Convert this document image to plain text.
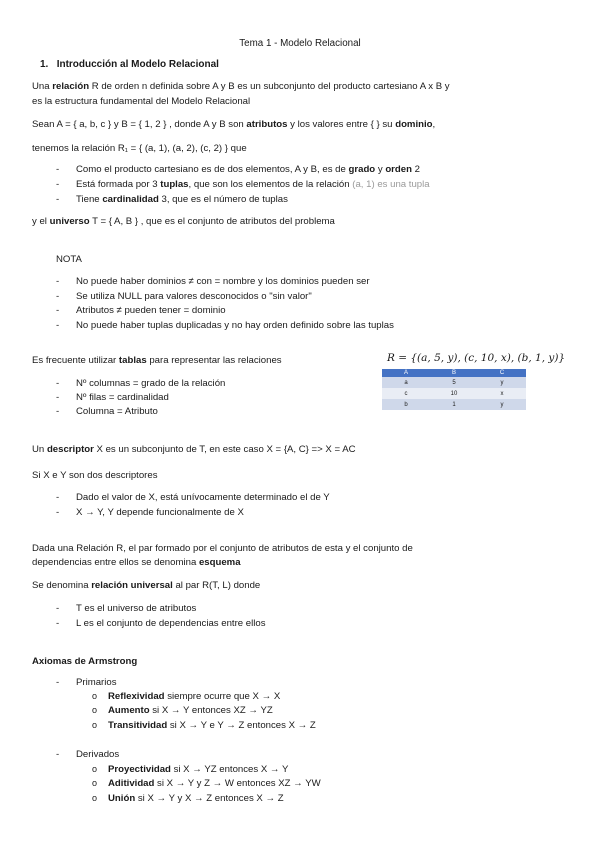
Tema 1 - Modelo Relacional
1. Introducción al Modelo Relacional
Una relación R de orden n definida sobre A y B es un subconjunto del producto cartesiano A x B y
es la estructura fundamental del Modelo Relacional
Sean A = { a, b, c } y B = { 1, 2 } , donde A y B son atributos y los valores entre { } su dominio,
tenemos la relación R₁ = { (a, 1), (a, 2), (c, 2) } que
- Como el producto cartesiano es de dos elementos, A y B, es de grado y orden 2
- Está formada por 3 tuplas, que son los elementos de la relación (a, 1) es una tupla
- Tiene cardinalidad 3, que es el número de tuplas
y el universo T = { A, B } , que es el conjunto de atributos del problema
NOTA
- No puede haber dominios ≠ con = nombre y los dominios pueden ser
- Se utiliza NULL para valores desconocidos o "sin valor"
- Atributos ≠ pueden tener = dominio
- No puede haber tuplas duplicadas y no hay orden definido sobre las tuplas
Es frecuente utilizar tablas para representar las relaciones
- Nº columnas = grado de la relación
- Nº filas = cardinalidad
- Columna = Atributo
R = {(a, 5, y), (c, 10, x), (b, 1, y)}
A	B	C
a	5	y
c	10	x
b	1	y
Un descriptor X es un subconjunto de T, en este caso X = {A, C} => X = AC
Si X e Y son dos descriptores
- Dado el valor de X, está unívocamente determinado el de Y
- X → Y, Y depende funcionalmente de X
Dada una Relación R, el par formado por el conjunto de atributos de esta y el conjunto de
dependencias entre ellos se denomina esquema
Se denomina relación universal al par R(T, L) donde
- T es el universo de atributos
- L es el conjunto de dependencias entre ellos
Axiomas de Armstrong
- Primarios
o Reflexividad siempre ocurre que X → X
o Aumento si X → Y entonces XZ → YZ
o Transitividad si X → Y e Y → Z entonces X → Z
- Derivados
o Proyectividad si X → YZ entonces X → Y
o Aditividad si X → Y y Z → W entonces XZ → YW
o Unión si X → Y y X → Z entonces X → Z
